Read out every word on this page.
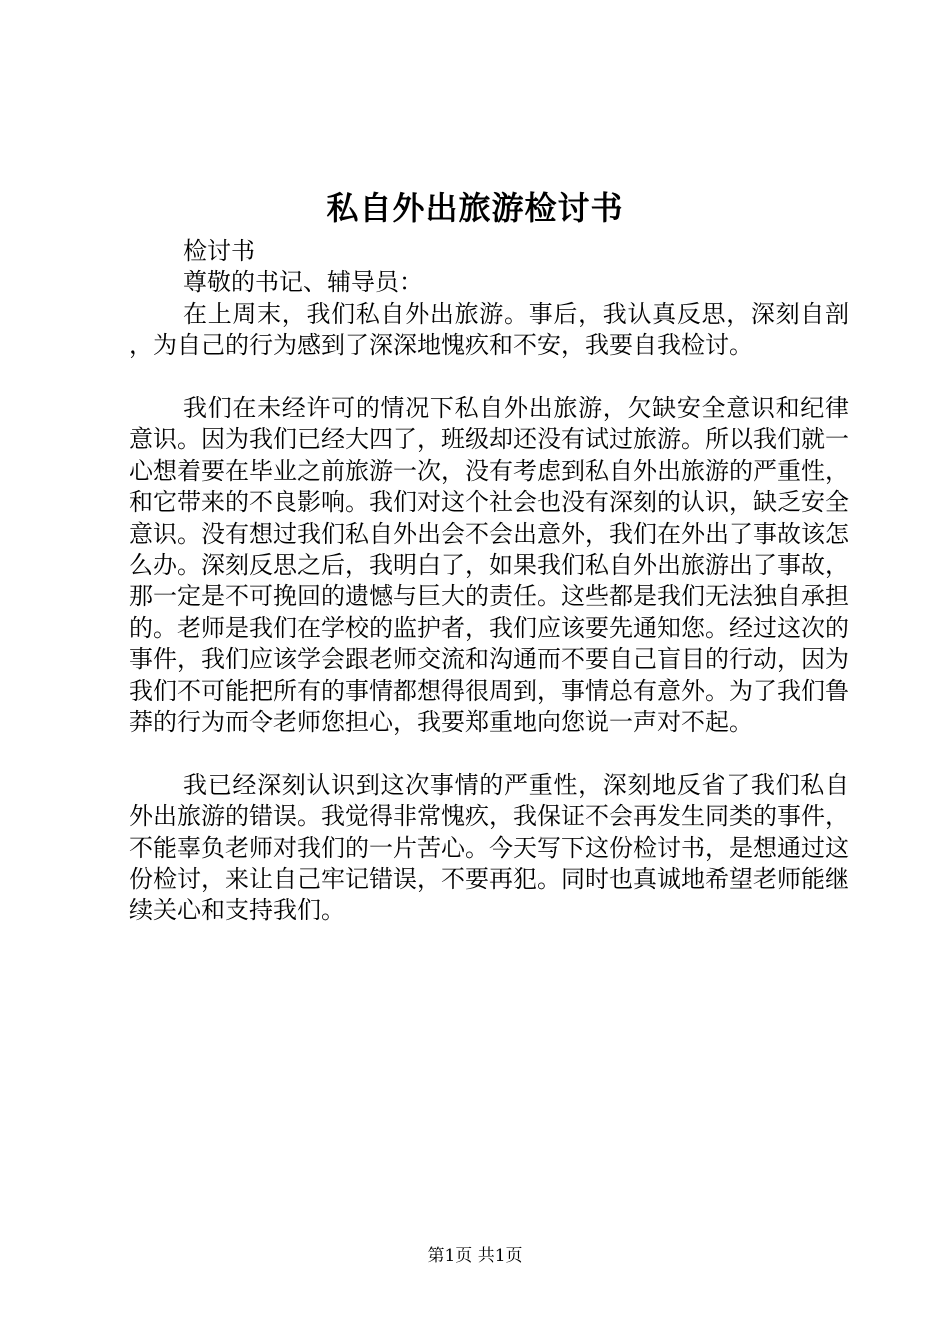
私自外出旅游检讨书

检讨书

尊敬的书记、辅导员：

在上周末，我们私自外出旅游。事后，我认真反思，深刻自剖，为自己的行为感到了深深地愧疚和不安，我要自我检讨。

我们在未经许可的情况下私自外出旅游，欠缺安全意识和纪律意识。因为我们已经大四了，班级却还没有试过旅游。所以我们就一心想着要在毕业之前旅游一次，没有考虑到私自外出旅游的严重性，和它带来的不良影响。我们对这个社会也没有深刻的认识，缺乏安全意识。没有想过我们私自外出会不会出意外，我们在外出了事故该怎么办。深刻反思之后，我明白了，如果我们私自外出旅游出了事故，那一定是不可挽回的遗憾与巨大的责任。这些都是我们无法独自承担的。老师是我们在学校的监护者，我们应该要先通知您。经过这次的事件，我们应该学会跟老师交流和沟通而不要自己盲目的行动，因为我们不可能把所有的事情都想得很周到，事情总有意外。为了我们鲁莽的行为而令老师您担心，我要郑重地向您说一声对不起。

我已经深刻认识到这次事情的严重性，深刻地反省了我们私自外出旅游的错误。我觉得非常愧疚，我保证不会再发生同类的事件，不能辜负老师对我们的一片苦心。今天写下这份检讨书，是想通过这份检讨，来让自己牢记错误，不要再犯。同时也真诚地希望老师能继续关心和支持我们。

第1页 共1页
